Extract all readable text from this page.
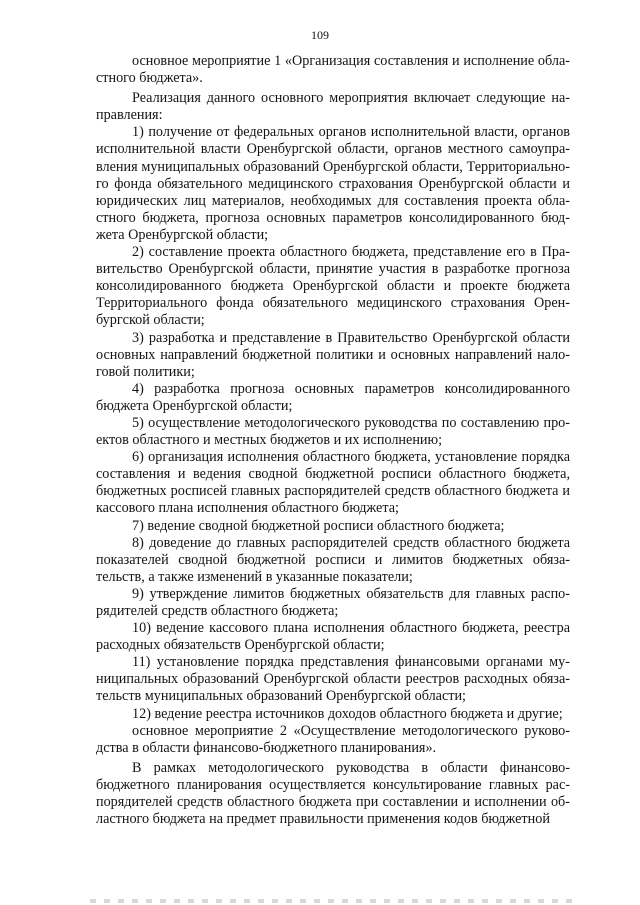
109

основное мероприятие 1 «Организация составления и исполнение областного бюджета».

Реализация данного основного мероприятия включает следующие направления:

1) получение от федеральных органов исполнительной власти, органов исполнительной власти Оренбургской области, органов местного самоуправления муниципальных образований Оренбургской области, Территориального фонда обязательного медицинского страхования Оренбургской области и юридических лиц материалов, необходимых для составления проекта областного бюджета, прогноза основных параметров консолидированного бюджета Оренбургской области;

2) составление проекта областного бюджета, представление его в Правительство Оренбургской области, принятие участия в разработке прогноза консолидированного бюджета Оренбургской области и проекте бюджета Территориального фонда обязательного медицинского страхования Оренбургской области;

3) разработка и представление в Правительство Оренбургской области основных направлений бюджетной политики и основных направлений налоговой политики;

4) разработка прогноза основных параметров консолидированного бюджета Оренбургской области;

5) осуществление методологического руководства по составлению проектов областного и местных бюджетов и их исполнению;

6) организация исполнения областного бюджета, установление порядка составления и ведения сводной бюджетной росписи областного бюджета, бюджетных росписей главных распорядителей средств областного бюджета и кассового плана исполнения областного бюджета;

7) ведение сводной бюджетной росписи областного бюджета;

8) доведение до главных распорядителей средств областного бюджета показателей сводной бюджетной росписи и лимитов бюджетных обязательств, а также изменений в указанные показатели;

9) утверждение лимитов бюджетных обязательств для главных распорядителей средств областного бюджета;

10) ведение кассового плана исполнения областного бюджета, реестра расходных обязательств Оренбургской области;

11) установление порядка представления финансовыми органами муниципальных образований Оренбургской области реестров расходных обязательств муниципальных образований Оренбургской области;

12) ведение реестра источников доходов областного бюджета и другие;

основное мероприятие 2 «Осуществление методологического руководства в области финансово-бюджетного планирования».

В рамках методологического руководства в области финансово-бюджетного планирования осуществляется консультирование главных распорядителей средств областного бюджета при составлении и исполнении областного бюджета на предмет правильности применения кодов бюджетной
